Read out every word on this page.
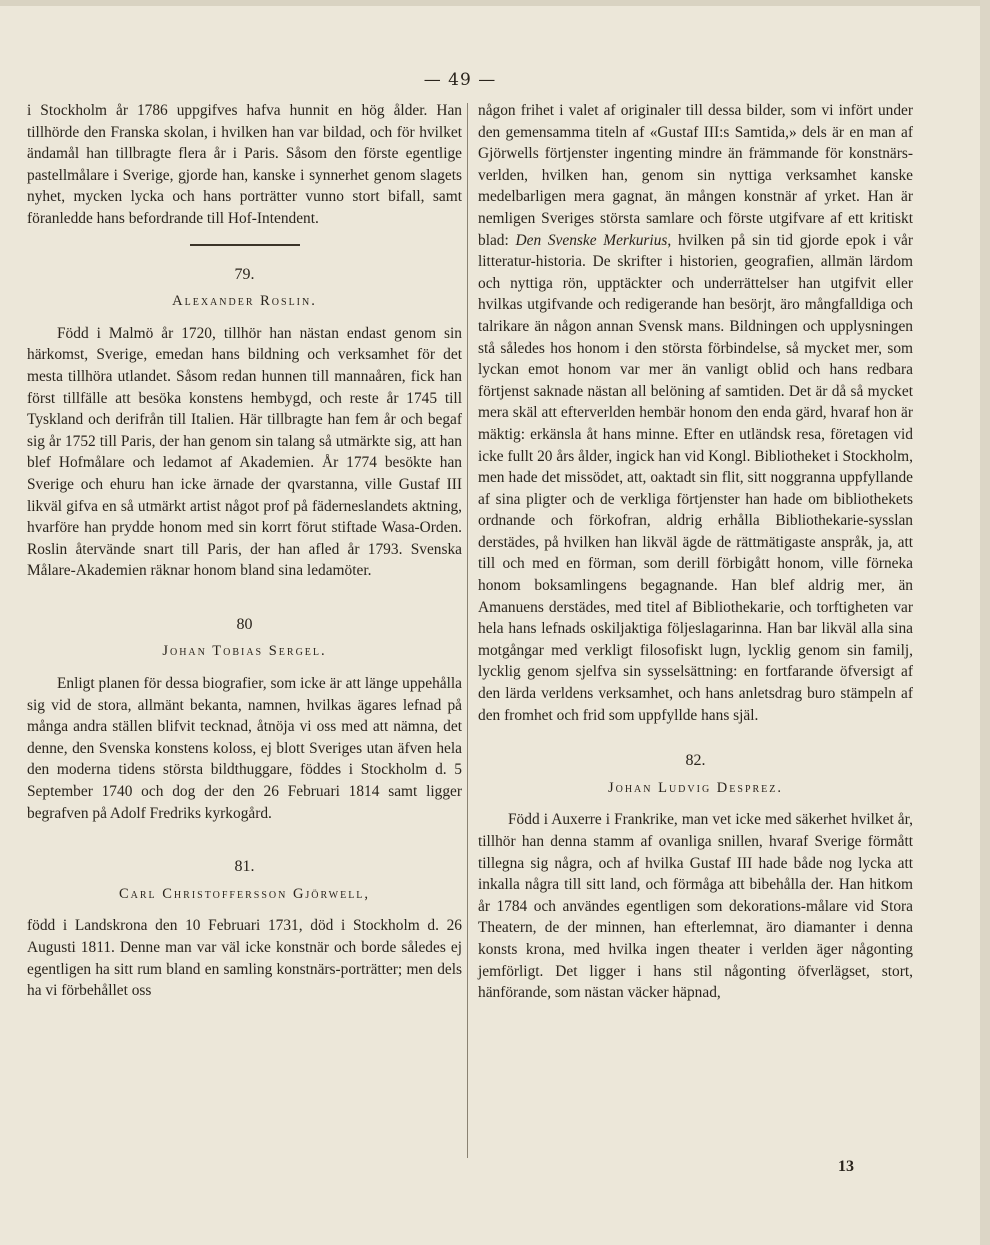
— 49 —

i Stockholm år 1786 uppgifves hafva hunnit en hög ålder. Han tillhörde den Franska skolan, i hvilken han var bildad, och för hvilket ändamål han tillbragte flera år i Paris. Såsom den förste egentlige pastellmålare i Sverige, gjorde han, kanske i synnerhet genom slagets nyhet, mycken lycka och hans porträtter vunno stort bifall, samt föranledde hans befordrande till Hof-Intendent.

79.
Alexander Roslin.

Född i Malmö år 1720, tillhör han nästan endast genom sin härkomst, Sverige, emedan hans bildning och verksamhet för det mesta tillhöra utlandet. Såsom redan hunnen till mannaåren, fick han först tillfälle att besöka konstens hembygd, och reste år 1745 till Tyskland och derifrån till Italien. Här tillbragte han fem år och begaf sig år 1752 till Paris, der han genom sin talang så utmärkte sig, att han blef Hofmålare och ledamot af Akademien. År 1774 besökte han Sverige och ehuru han icke ärnade der qvarstanna, ville Gustaf III likväl gifva en så utmärkt artist något prof på fäderneslandets aktning, hvarföre han prydde honom med sin korrt förut stiftade Wasa-Orden. Roslin återvände snart till Paris, der han afled år 1793. Svenska Målare-Akademien räknar honom bland sina ledamöter.

80
Johan Tobias Sergel.

Enligt planen för dessa biografier, som icke är att länge uppehålla sig vid de stora, allmänt bekanta, namnen, hvilkas ägares lefnad på många andra ställen blifvit tecknad, åtnöja vi oss med att nämna, det denne, den Svenska konstens koloss, ej blott Sveriges utan äfven hela den moderna tidens största bildthuggare, föddes i Stockholm d. 5 September 1740 och dog der den 26 Februari 1814 samt ligger begrafven på Adolf Fredriks kyrkogård.

81.
Carl Christoffersson Gjörwell,

född i Landskrona den 10 Februari 1731, död i Stockholm d. 26 Augusti 1811. Denne man var väl icke konstnär och borde således ej egentligen ha sitt rum bland en samling konstnärs-porträtter; men dels ha vi förbehållet oss

någon frihet i valet af originaler till dessa bilder, som vi infört under den gemensamma titeln af «Gustaf III:s Samtida,» dels är en man af Gjörwells förtjenster ingenting mindre än främmande för konstnärs-verlden, hvilken han, genom sin nyttiga verksamhet kanske medelbarligen mera gagnat, än mången konstnär af yrket. Han är nemligen Sveriges största samlare och förste utgifvare af ett kritiskt blad: Den Svenske Merkurius, hvilken på sin tid gjorde epok i vår litteratur-historia. De skrifter i historien, geografien, allmän lärdom och nyttiga rön, upptäckter och underrättelser han utgifvit eller hvilkas utgifvande och redigerande han besörjt, äro mångfalldiga och talrikare än någon annan Svensk mans. Bildningen och upplysningen stå således hos honom i den största förbindelse, så mycket mer, som lyckan emot honom var mer än vanligt oblid och hans redbara förtjenst saknade nästan all belöning af samtiden. Det är då så mycket mera skäl att efterverlden hembär honom den enda gärd, hvaraf hon är mäktig: erkänsla åt hans minne. Efter en utländsk resa, företagen vid icke fullt 20 års ålder, ingick han vid Kongl. Bibliotheket i Stockholm, men hade det missödet, att, oaktadt sin flit, sitt noggranna uppfyllande af sina pligter och de verkliga förtjenster han hade om bibliothekets ordnande och förkofran, aldrig erhålla Bibliothekarie-sysslan derstädes, på hvilken han likväl ägde de rättmätigaste anspråk, ja, att till och med en förman, som derill förbigått honom, ville förneka honom boksamlingens begagnande. Han blef aldrig mer, än Amanuens derstädes, med titel af Bibliothekarie, och torftigheten var hela hans lefnads oskiljaktiga följeslagarinna. Han bar likväl alla sina motgångar med verkligt filosofiskt lugn, lycklig genom sin familj, lycklig genom sjelfva sin sysselsättning: en fortfarande öfversigt af den lärda verldens verksamhet, och hans anletsdrag buro stämpeln af den fromhet och frid som uppfyllde hans själ.

82.
Johan Ludvig Desprez.

Född i Auxerre i Frankrike, man vet icke med säkerhet hvilket år, tillhör han denna stamm af ovanliga snillen, hvaraf Sverige förmått tillegna sig några, och af hvilka Gustaf III hade både nog lycka att inkalla några till sitt land, och förmåga att bibehålla der. Han hitkom år 1784 och användes egentligen som dekorations-målare vid Stora Theatern, de der minnen, han efterlemnat, äro diamanter i denna konsts krona, med hvilka ingen theater i verlden äger någonting jemförligt. Det ligger i hans stil någonting öfverlägset, stort, hänförande, som nästan väcker häpnad,

13
